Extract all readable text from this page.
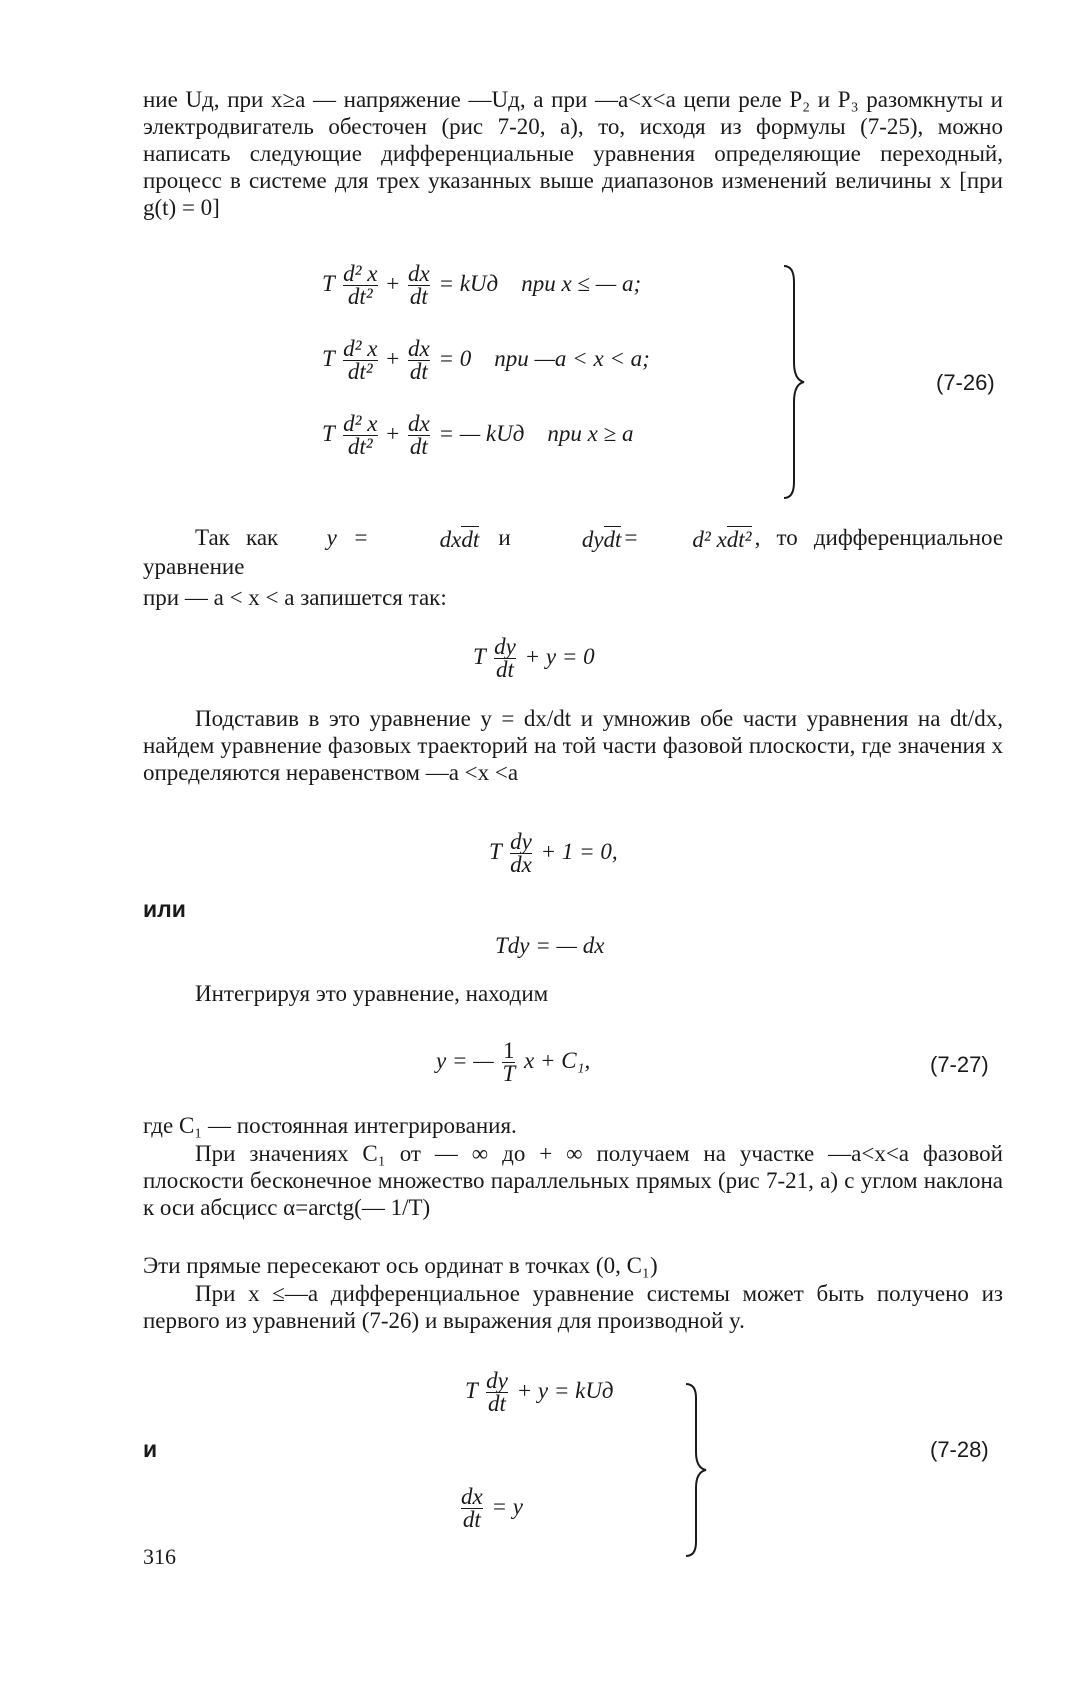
ние Uд, при x≥a — напряжение —Uд, а при —a<x<a цепи реле P₂ и P₃ разомкнуты и электродвигатель обесточен (рис 7-20, а), то, исходя из формулы (7-25), можно написать следующие дифференциальные уравнения определяющие переходный, процесс в системе для трех указанных выше диапазонов изменений величины x [при g(t) = 0]

T $\frac{\text{d² x}}{\text{dt²}} + \frac{dx}{dt}$ = kUд при x ≤ — a;
T $\frac{\text{d² x}}{\text{dt²}} + \frac{dx}{dt} = 0$ при —a < x < a;
T $\frac{\text{d² x}}{\text{dt²}} + \frac{dx}{dt}$ = — kUд при x ≥ a
(7-26)
Так как y =	dxdt и	dydt = d² xdt² , то дифференциальное уравнение

при — a < x < a запишется так:

T $\frac{dy}{dt} + y = 0$

Подставив в это уравнение y = dx/dt и умножив обе части уравнения на dt/dx, найдем уравнение фазовых траекторий на той части фазовой плоскости, где значения x определяются неравенством —a <x <a

T $\frac{dy}{dx} + 1 = 0$,
или
Tdy = — dx

Интегрируя это уравнение, находим

y = — $\frac{1}{T}$ x + C₁,	(7-27)

где C₁ — постоянная интегрирования.

При значениях C₁ от — ∞ до + ∞ получаем на участке —a<x<a фазовой плоскости бесконечное множество параллельных прямых (рис 7-21, а) с углом наклона к оси абсцисс α=arctg(— 1/T)

Эти прямые пересекают ось ординат в точках (0, C₁)

При x ≤—a дифференциальное уравнение системы может быть получено из первого из уравнений (7-26) и выражения для производной y.

T $\frac{dy}{dt} + y$ = kUд
и
$\frac{dx}{dt} = y$
(7-28)
316
